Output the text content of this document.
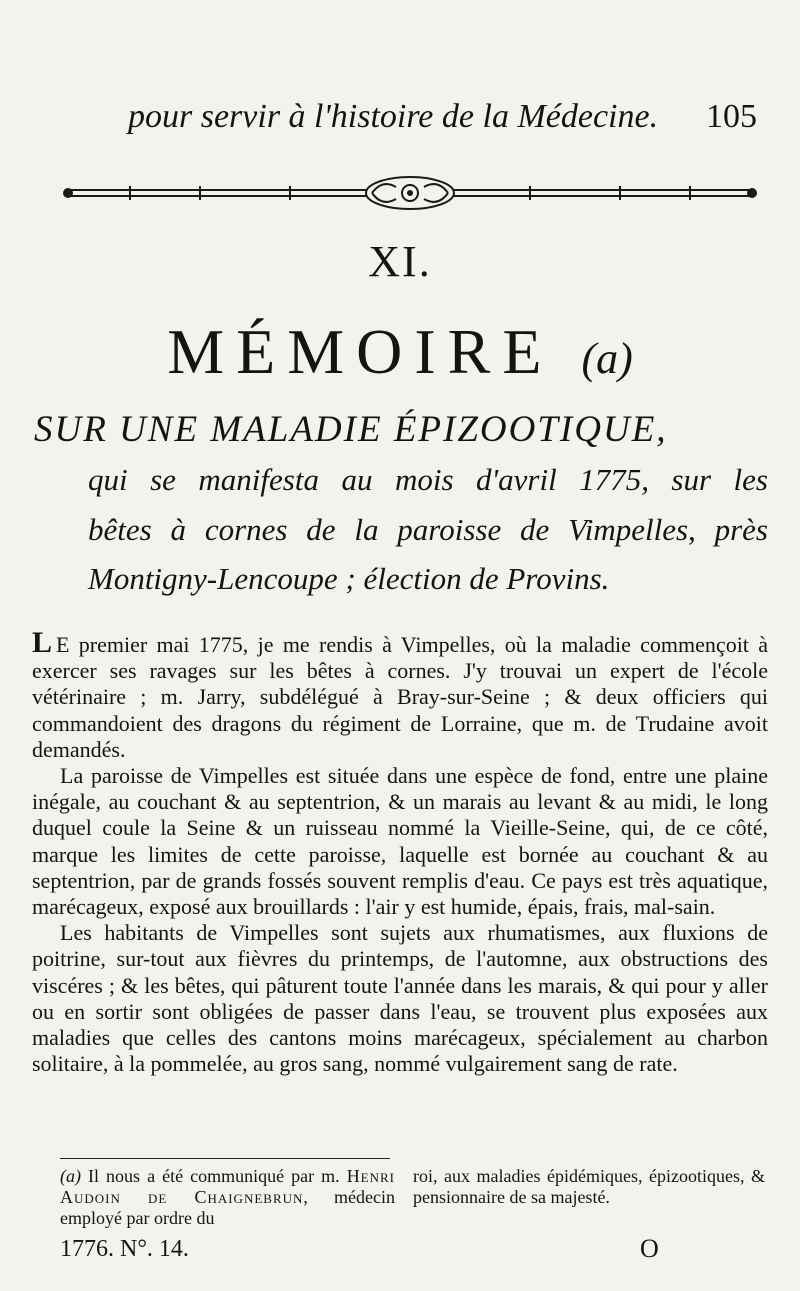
pour servir à l'histoire de la Médecine. 105
XI.
MÉMOIRE (a)
SUR UNE MALADIE ÉPIZOOTIQUE,
qui se manifesta au mois d'avril 1775, sur les
bêtes à cornes de la paroisse de Vimpelles, près
Montigny-Lencoupe ; élection de Provins.

L E premier mai 1775, je me rendis à Vimpelles, où la maladie commençoit à exercer ses ravages sur les bêtes à cornes. J'y trouvai un expert de l'école vétérinaire ; m. Jarry, subdélégué à Bray-sur-Seine ; & deux officiers qui commandoient des dragons du régiment de Lorraine, que m. de Trudaine avoit demandés.

La paroisse de Vimpelles est située dans une espèce de fond, entre une plaine inégale, au couchant & au septentrion, & un marais au levant & au midi, le long duquel coule la Seine & un ruisseau nommé la Vieille-Seine, qui, de ce côté, marque les limites de cette paroisse, laquelle est bornée au couchant & au septentrion, par de grands fossés souvent remplis d'eau. Ce pays est très aquatique, marécageux, exposé aux brouillards : l'air y est humide, épais, frais, mal-sain.

Les habitants de Vimpelles sont sujets aux rhumatismes, aux fluxions de poitrine, sur-tout aux fièvres du printemps, de l'automne, aux obstructions des viscéres ; & les bêtes, qui pâturent toute l'année dans les marais, & qui pour y aller ou en sortir sont obligées de passer dans l'eau, se trouvent plus exposées aux maladies que celles des cantons moins marécageux, spécialement au charbon solitaire, à la pommelée, au gros sang, nommé vulgairement sang de rate.

(a) Il nous a été communiqué par m. Henri Audoin de Chaignebrun, médecin employé par ordre du
roi, aux maladies épidémiques, épizootiques, & pensionnaire de sa majesté.
1776. N°. 14.	O
